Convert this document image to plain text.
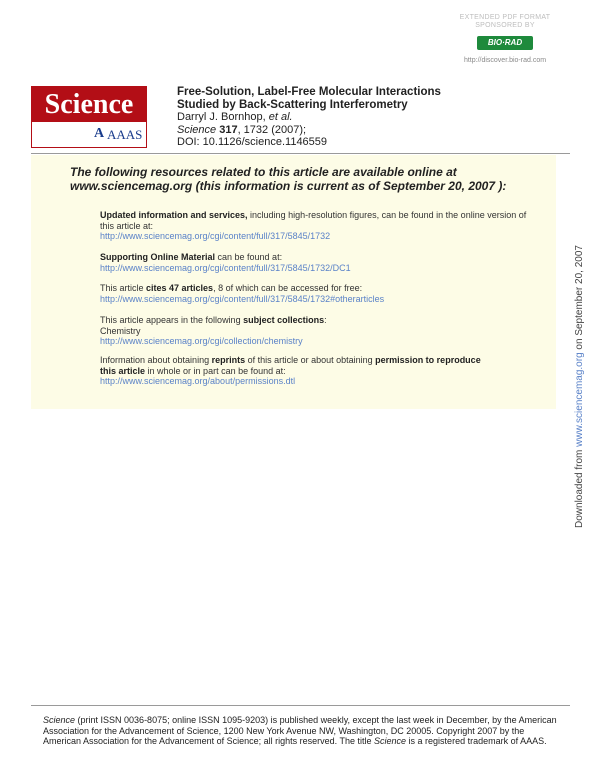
EXTENDED PDF FORMAT
SPONSORED BY
BIO·RAD
http://discover.bio-rad.com
Science
A AAAS
Free-Solution, Label-Free Molecular Interactions
Studied by Back-Scattering Interferometry
Darryl J. Bornhop, et al.
Science 317, 1732 (2007);
DOI: 10.1126/science.1146559
The following resources related to this article are available online at
www.sciencemag.org (this information is current as of September 20, 2007 ):
Updated information and services, including high-resolution figures, can be found in the online version of this article at:
http://www.sciencemag.org/cgi/content/full/317/5845/1732
Supporting Online Material can be found at:
http://www.sciencemag.org/cgi/content/full/317/5845/1732/DC1
This article cites 47 articles, 8 of which can be accessed for free:
http://www.sciencemag.org/cgi/content/full/317/5845/1732#otherarticles
This article appears in the following subject collections:
Chemistry
http://www.sciencemag.org/cgi/collection/chemistry
Information about obtaining reprints of this article or about obtaining permission to reproduce
this article in whole or in part can be found at:
http://www.sciencemag.org/about/permissions.dtl
Downloaded from www.sciencemag.org on September 20, 2007
Science (print ISSN 0036-8075; online ISSN 1095-9203) is published weekly, except the last week in December, by the American Association for the Advancement of Science, 1200 New York Avenue NW, Washington, DC 20005. Copyright 2007 by the American Association for the Advancement of Science; all rights reserved. The title Science is a registered trademark of AAAS.
